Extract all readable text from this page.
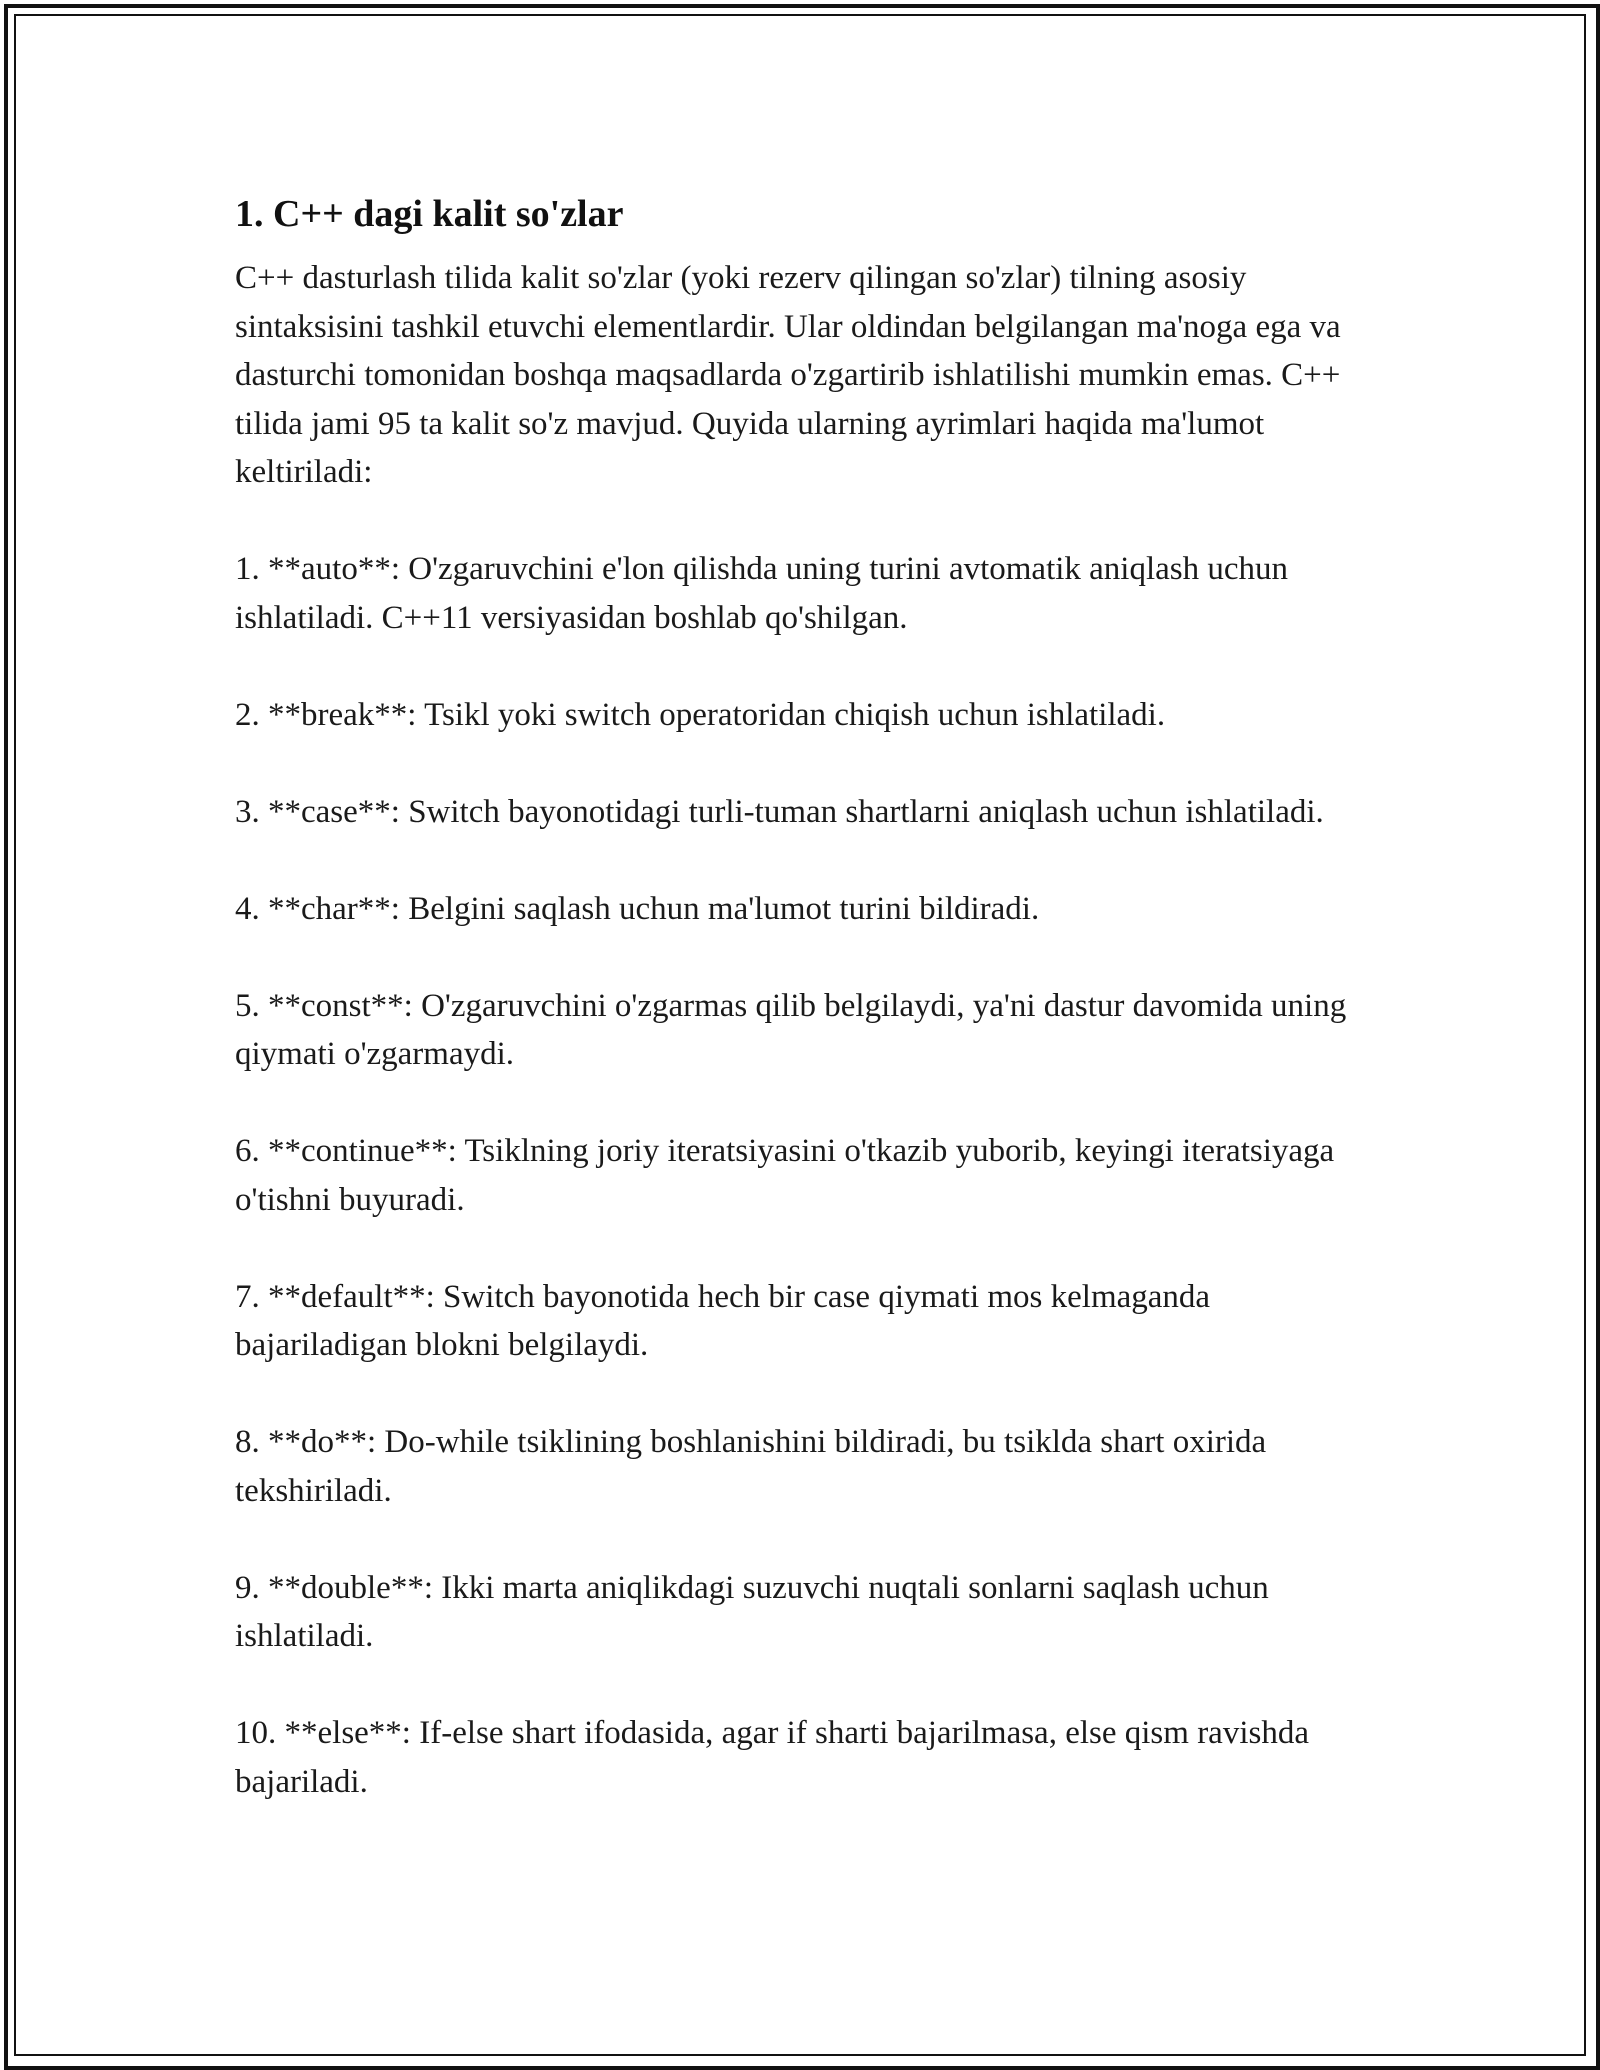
1. C++ dagi kalit so'zlar

C++ dasturlash tilida kalit so'zlar (yoki rezerv qilingan so'zlar) tilning asosiy sintaksisini tashkil etuvchi elementlardir. Ular oldindan belgilangan ma'noga ega va dasturchi tomonidan boshqa maqsadlarda o'zgartirib ishlatilishi mumkin emas. C++ tilida jami 95 ta kalit so'z mavjud. Quyida ularning ayrimlari haqida ma'lumot keltiriladi:

1. **auto**: O'zgaruvchini e'lon qilishda uning turini avtomatik aniqlash uchun ishlatiladi. C++11 versiyasidan boshlab qo'shilgan.

2. **break**: Tsikl yoki switch operatoridan chiqish uchun ishlatiladi.

3. **case**: Switch bayonotidagi turli-tuman shartlarni aniqlash uchun ishlatiladi.

4. **char**: Belgini saqlash uchun ma'lumot turini bildiradi.

5. **const**: O'zgaruvchini o'zgarmas qilib belgilaydi, ya'ni dastur davomida uning qiymati o'zgarmaydi.

6. **continue**: Tsiklning joriy iteratsiyasini o'tkazib yuborib, keyingi iteratsiyaga o'tishni buyuradi.

7. **default**: Switch bayonotida hech bir case qiymati mos kelmaganda bajariladigan blokni belgilaydi.

8. **do**: Do-while tsiklining boshlanishini bildiradi, bu tsiklda shart oxirida tekshiriladi.

9. **double**: Ikki marta aniqlikdagi suzuvchi nuqtali sonlarni saqlash uchun ishlatiladi.

10. **else**: If-else shart ifodasida, agar if sharti bajarilmasa, else qism ravishda bajariladi.
